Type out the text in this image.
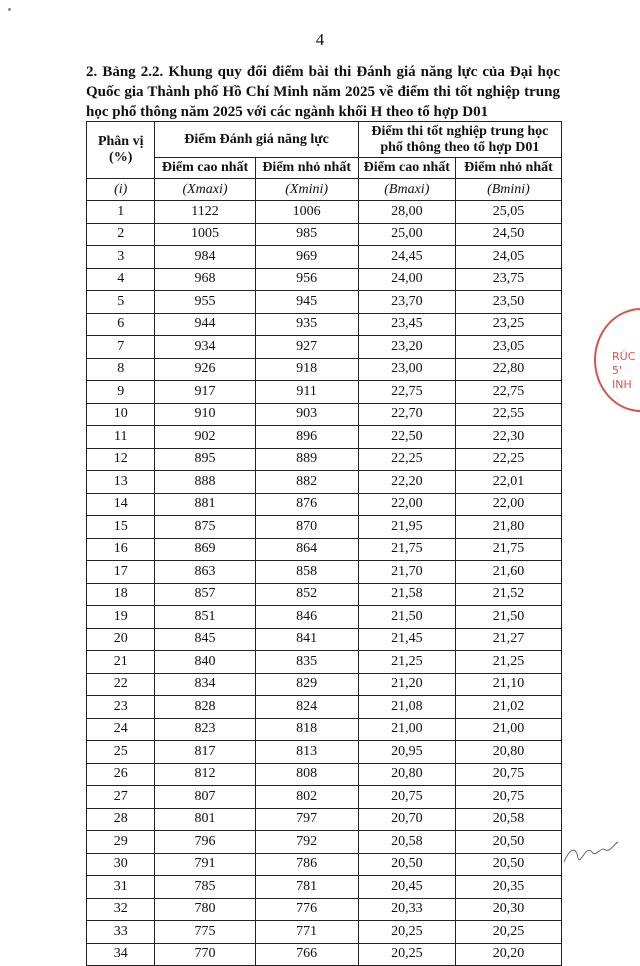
4
2. Bảng 2.2. Khung quy đổi điểm bài thi Đánh giá năng lực của Đại học Quốc gia Thành phố Hồ Chí Minh năm 2025 về điểm thi tốt nghiệp trung học phổ thông năm 2025 với các ngành khối H theo tổ hợp D01
Phân vị (%)	Điểm Đánh giá năng lực		Điểm thi tốt nghiệp trung học phổ thông theo tổ hợp D01	
	Điểm cao nhất	Điểm nhỏ nhất	Điểm cao nhất	Điểm nhỏ nhất
(i)	(Xmaxi)	(Xmini)	(Bmaxi)	(Bmini)
1	1122	1006	28,00	25,05
2	1005	985	25,00	24,50
3	984	969	24,45	24,05
4	968	956	24,00	23,75
5	955	945	23,70	23,50
6	944	935	23,45	23,25
7	934	927	23,20	23,05
8	926	918	23,00	22,80
9	917	911	22,75	22,75
10	910	903	22,70	22,55
11	902	896	22,50	22,30
12	895	889	22,25	22,25
13	888	882	22,20	22,01
14	881	876	22,00	22,00
15	875	870	21,95	21,80
16	869	864	21,75	21,75
17	863	858	21,70	21,60
18	857	852	21,58	21,52
19	851	846	21,50	21,50
20	845	841	21,45	21,27
21	840	835	21,25	21,25
22	834	829	21,20	21,10
23	828	824	21,08	21,02
24	823	818	21,00	21,00
25	817	813	20,95	20,80
26	812	808	20,80	20,75
27	807	802	20,75	20,75
28	801	797	20,70	20,58
29	796	792	20,58	20,50
30	791	786	20,50	20,50
31	785	781	20,45	20,35
32	780	776	20,33	20,30
33	775	771	20,25	20,25
34	770	766	20,25	20,20
RÚC
5'
INH
